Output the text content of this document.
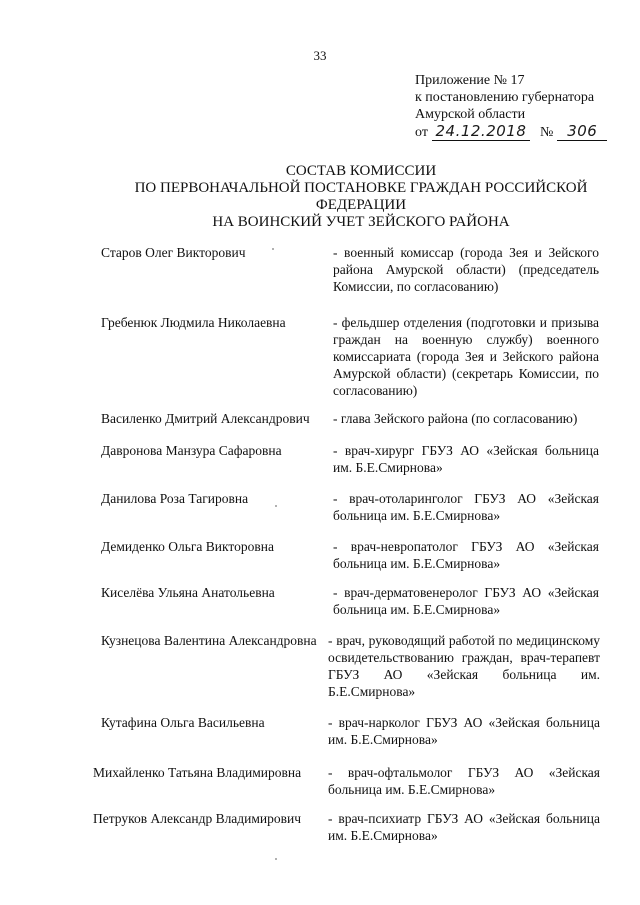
33
Приложение № 17
к постановлению губернатора
Амурской области
от 24.12.2018 № 306
СОСТАВ КОМИССИИ
ПО ПЕРВОНАЧАЛЬНОЙ ПОСТАНОВКЕ ГРАЖДАН РОССИЙСКОЙ ФЕДЕРАЦИИ
НА ВОИНСКИЙ УЧЕТ ЗЕЙСКОГО РАЙОНА
Старов Олег Викторович	- военный комиссар (города Зея и Зейского района Амурской области) (председатель Комиссии, по согласованию)
Гребенюк Людмила Николаевна	- фельдшер отделения (подготовки и призыва граждан на военную службу) военного комиссариата (города Зея и Зейского района Амурской области) (секретарь Комиссии, по согласованию)
Василенко Дмитрий Александрович - глава Зейского района (по согласованию)
Давронова Манзура Сафаровна	- врач-хирург ГБУЗ АО «Зейская больница им. Б.Е.Смирнова»
Данилова Роза Тагировна	- врач-отоларинголог ГБУЗ АО «Зейская больница им. Б.Е.Смирнова»
Демиденко Ольга Викторовна	- врач-невропатолог ГБУЗ АО «Зейская больница им. Б.Е.Смирнова»
Киселёва Ульяна Анатольевна	- врач-дерматовенеролог ГБУЗ АО «Зейская больница им. Б.Е.Смирнова»
Кузнецова Валентина Александровна - врач, руководящий работой по медицинскому освидетельствованию граждан, врач-терапевт ГБУЗ АО «Зейская больница им. Б.Е.Смирнова»
Кутафина Ольга Васильевна	- врач-нарколог ГБУЗ АО «Зейская больница им. Б.Е.Смирнова»
Михайленко Татьяна Владимировна - врач-офтальмолог ГБУЗ АО «Зейская больница им. Б.Е.Смирнова»
Петруков Александр Владимирович - врач-психиатр ГБУЗ АО «Зейская больница им. Б.Е.Смирнова»
